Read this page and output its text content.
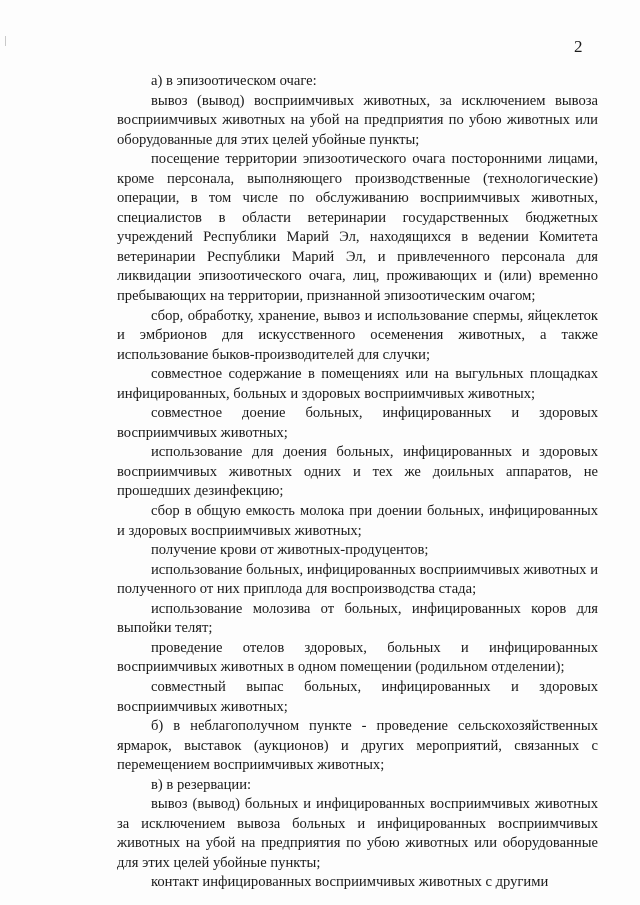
2

а) в эпизоотическом очаге:

вывоз (вывод) восприимчивых животных, за исключением вывоза восприимчивых животных на убой на предприятия по убою животных или оборудованные для этих целей убойные пункты;

посещение территории эпизоотического очага посторонними лицами, кроме персонала, выполняющего производственные (технологические) операции, в том числе по обслуживанию восприимчивых животных, специалистов в области ветеринарии государственных бюджетных учреждений Республики Марий Эл, находящихся в ведении Комитета ветеринарии Республики Марий Эл, и привлеченного персонала для ликвидации эпизоотического очага, лиц, проживающих и (или) временно пребывающих на территории, признанной эпизоотическим очагом;

сбор, обработку, хранение, вывоз и использование спермы, яйцеклеток и эмбрионов для искусственного осеменения животных, а также использование быков-производителей для случки;

совместное содержание в помещениях или на выгульных площадках инфицированных, больных и здоровых восприимчивых животных;

совместное доение больных, инфицированных и здоровых восприимчивых животных;

использование для доения больных, инфицированных и здоровых восприимчивых животных одних и тех же доильных аппаратов, не прошедших дезинфекцию;

сбор в общую емкость молока при доении больных, инфицированных и здоровых восприимчивых животных;

получение крови от животных-продуцентов;

использование больных, инфицированных восприимчивых животных и полученного от них приплода для воспроизводства стада;

использование молозива от больных, инфицированных коров для выпойки телят;

проведение отелов здоровых, больных и инфицированных восприимчивых животных в одном помещении (родильном отделении);

совместный выпас больных, инфицированных и здоровых восприимчивых животных;

б) в неблагополучном пункте - проведение сельскохозяйственных ярмарок, выставок (аукционов) и других мероприятий, связанных с перемещением восприимчивых животных;

в) в резервации:

вывоз (вывод) больных и инфицированных восприимчивых животных за исключением вывоза больных и инфицированных восприимчивых животных на убой на предприятия по убою животных или оборудованные для этих целей убойные пункты;

контакт инфицированных восприимчивых животных с другими
